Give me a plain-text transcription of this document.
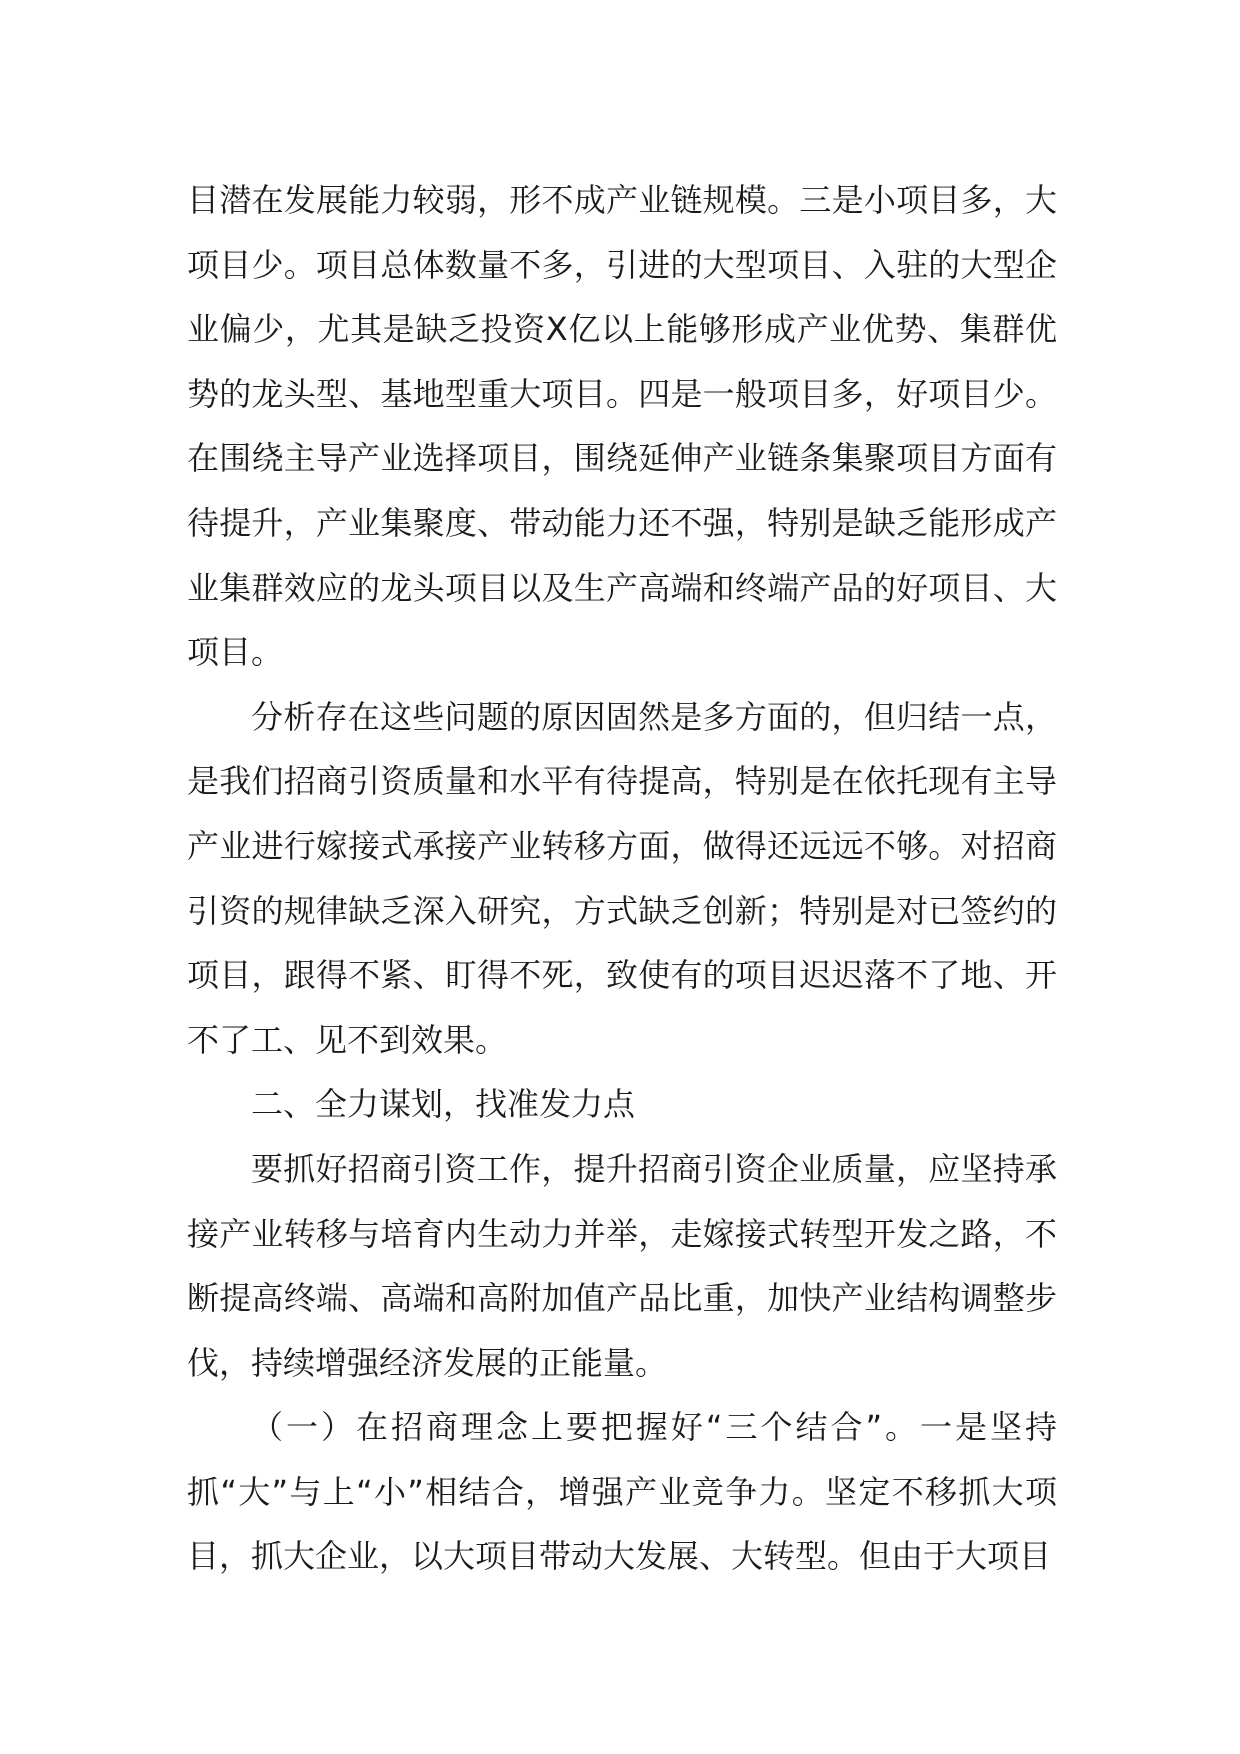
目潜在发展能力较弱，形不成产业链规模。三是小项目多，大项目少。项目总体数量不多，引进的大型项目、入驻的大型企业偏少，尤其是缺乏投资X亿以上能够形成产业优势、集群优势的龙头型、基地型重大项目。四是一般项目多，好项目少。在围绕主导产业选择项目，围绕延伸产业链条集聚项目方面有待提升，产业集聚度、带动能力还不强，特别是缺乏能形成产业集群效应的龙头项目以及生产高端和终端产品的好项目、大项目。

分析存在这些问题的原因固然是多方面的，但归结一点，是我们招商引资质量和水平有待提高，特别是在依托现有主导产业进行嫁接式承接产业转移方面，做得还远远不够。对招商引资的规律缺乏深入研究，方式缺乏创新；特别是对已签约的项目，跟得不紧、盯得不死，致使有的项目迟迟落不了地、开不了工、见不到效果。

二、全力谋划，找准发力点

要抓好招商引资工作，提升招商引资企业质量，应坚持承接产业转移与培育内生动力并举，走嫁接式转型开发之路，不断提高终端、高端和高附加值产品比重，加快产业结构调整步伐，持续增强经济发展的正能量。

（一）在招商理念上要把握好“三个结合”。一是坚持抓“大”与上“小”相结合，增强产业竞争力。坚定不移抓大项目，抓大企业，以大项目带动大发展、大转型。但由于大项目
